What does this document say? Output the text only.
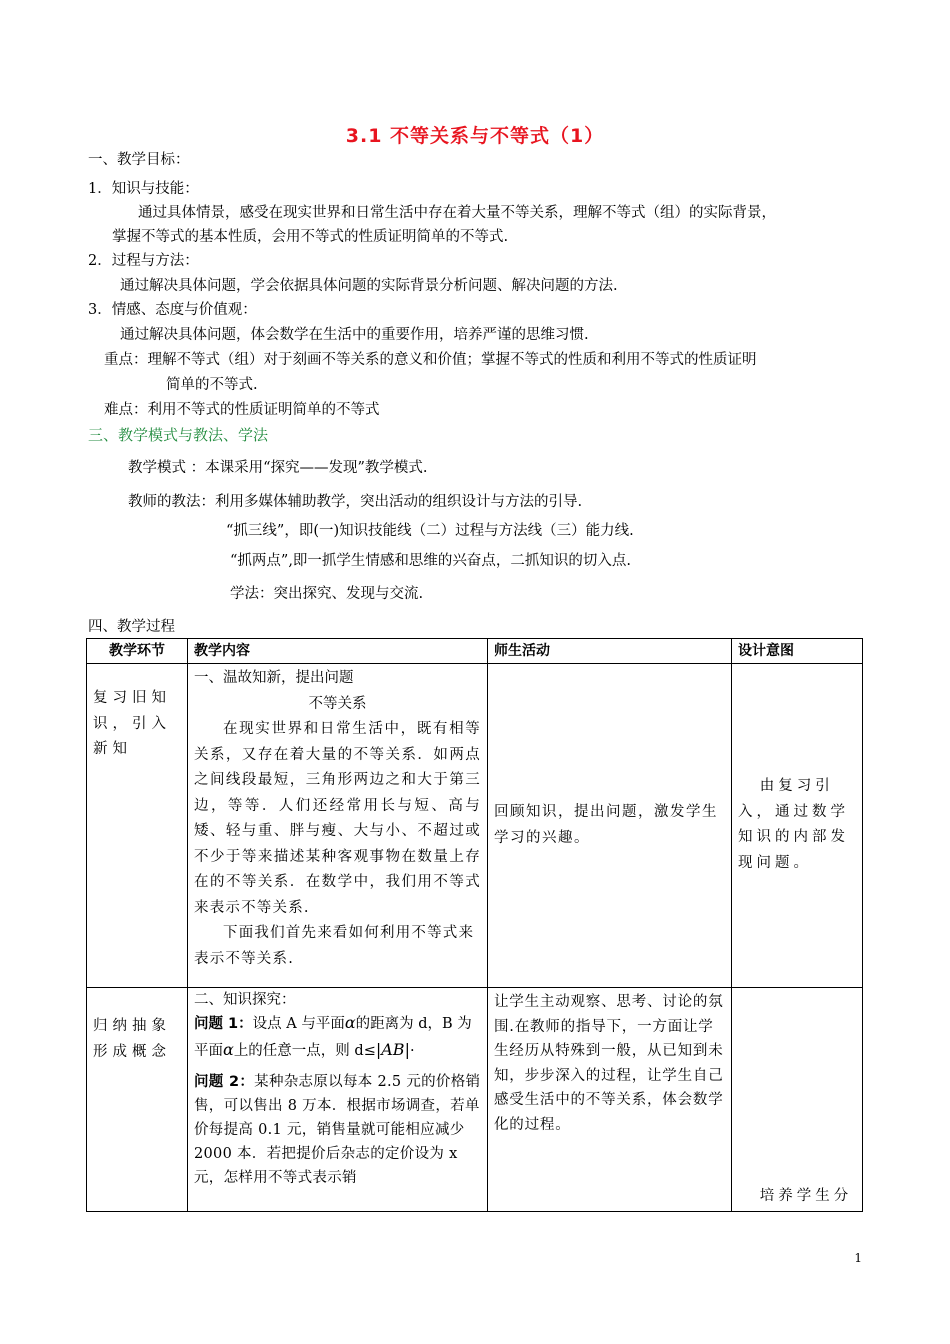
3.1 不等关系与不等式（1）
一、教学目标：
1．知识与技能：
通过具体情景，感受在现实世界和日常生活中存在着大量不等关系，理解不等式（组）的实际背景，
掌握不等式的基本性质，会用不等式的性质证明简单的不等式.
2．过程与方法：
通过解决具体问题，学会依据具体问题的实际背景分析问题、解决问题的方法.
3．情感、态度与价值观：
通过解决具体问题，体会数学在生活中的重要作用，培养严谨的思维习惯.
重点：理解不等式（组）对于刻画不等关系的意义和价值；掌握不等式的性质和利用不等式的性质证明
简单的不等式.
难点：利用不等式的性质证明简单的不等式
三、教学模式与教法、学法
教学模式 ：本课采用“探究——发现”教学模式.
教师的教法：利用多媒体辅助教学，突出活动的组织设计与方法的引导.
“抓三线”，即(一)知识技能线（二）过程与方法线（三）能力线.
“抓两点”,即一抓学生情感和思维的兴奋点，二抓知识的切入点.
学法：突出探究、发现与交流.
四、教学过程
教学环节	教学内容	师生活动	设计意图
复习旧知识，引入新知	一、温故知新，提出问题

不等关系

在现实世界和日常生活中，既有相等关系，又存在着大量的不等关系．如两点之间线段最短，三角形两边之和大于第三边，等等．人们还经常用长与短、高与矮、轻与重、胖与瘦、大与小、不超过或不少于等来描述某种客观事物在数量上存在的不等关系．在数学中，我们用不等式来表示不等关系.

下面我们首先来看如何利用不等式来表示不等关系.	回顾知识，提出问题，激发学生学习的兴趣。	由复习引入，通过数学知识的内部发现问题。
归纳抽象形成概念	二、知识探究：

问题 1：设点 A 与平面α的距离为 d，B 为平面α上的任意一点，则 d≤|AB|·

问题 2：某种杂志原以每本 2.5 元的价格销售，可以售出 8 万本．根据市场调查，若单价每提高 0.1 元，销售量就可能相应减少 2000 本．若把提价后杂志的定价设为 x 元，怎样用不等式表示销	让学生主动观察、思考、讨论的氛围.在教师的指导下，一方面让学生经历从特殊到一般，从已知到未知，步步深入的过程，让学生自己感受生活中的不等关系，体会数学化的过程。	培养学生分
1
